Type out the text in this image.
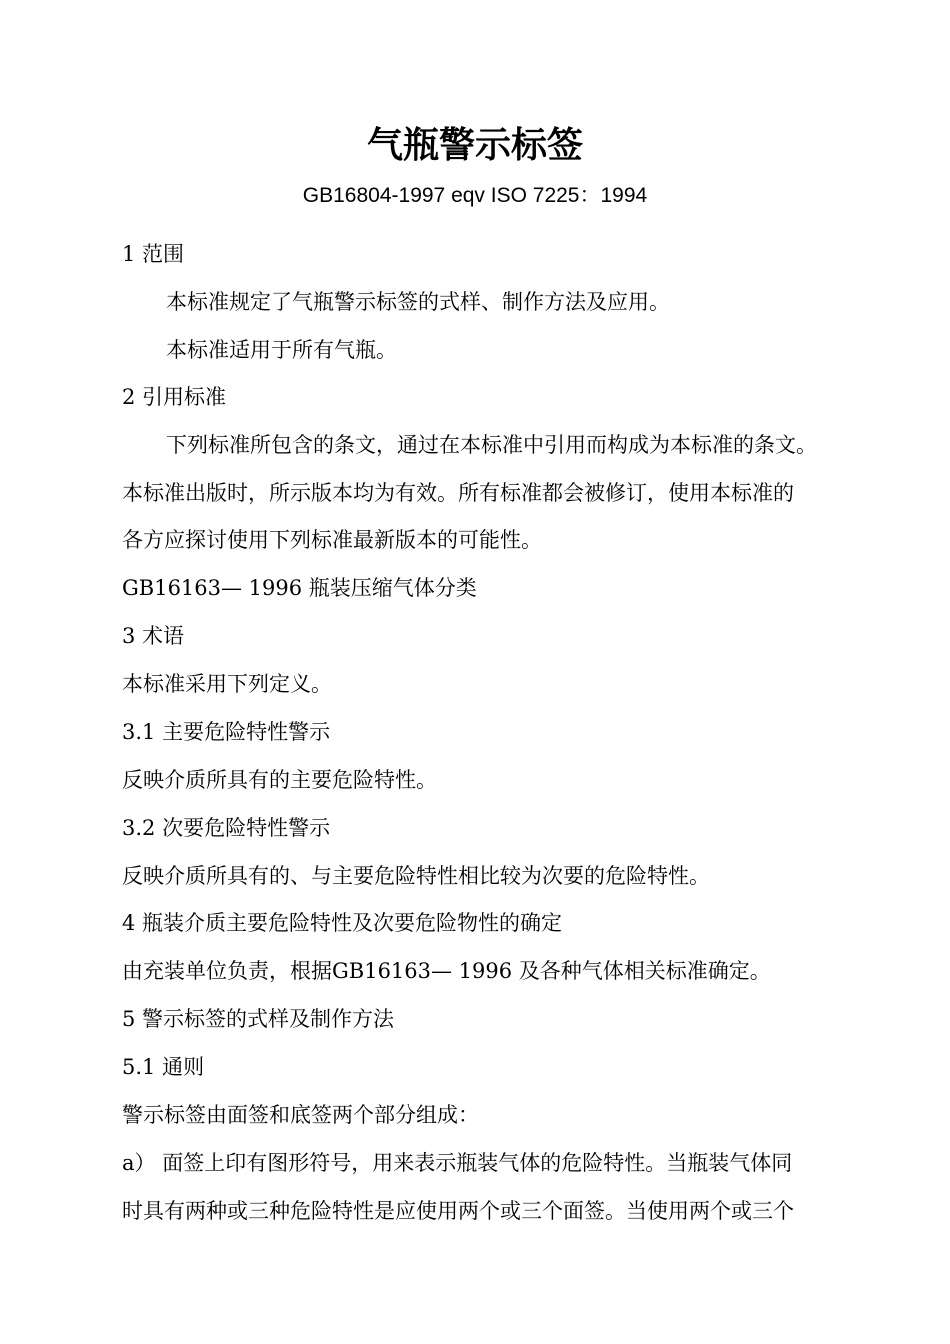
气瓶警示标签
GB16804-1997 eqv ISO 7225：1994
1 范围
本标准规定了气瓶警示标签的式样、制作方法及应用。
本标准适用于所有气瓶。
2 引用标准
下列标准所包含的条文，通过在本标准中引用而构成为本标准的条文。
本标准出版时，所示版本均为有效。所有标准都会被修订，使用本标准的
各方应探讨使用下列标准最新版本的可能性。
GB16163— 1996 瓶装压缩气体分类
3 术语
本标准采用下列定义。
3.1 主要危险特性警示
反映介质所具有的主要危险特性。
3.2 次要危险特性警示
反映介质所具有的、与主要危险特性相比较为次要的危险特性。
4 瓶装介质主要危险特性及次要危险物性的确定
由充装单位负责，根据GB16163— 1996 及各种气体相关标准确定。
5 警示标签的式样及制作方法
5.1 通则
警示标签由面签和底签两个部分组成：
a） 面签上印有图形符号，用来表示瓶装气体的危险特性。当瓶装气体同
时具有两种或三种危险特性是应使用两个或三个面签。当使用两个或三个
